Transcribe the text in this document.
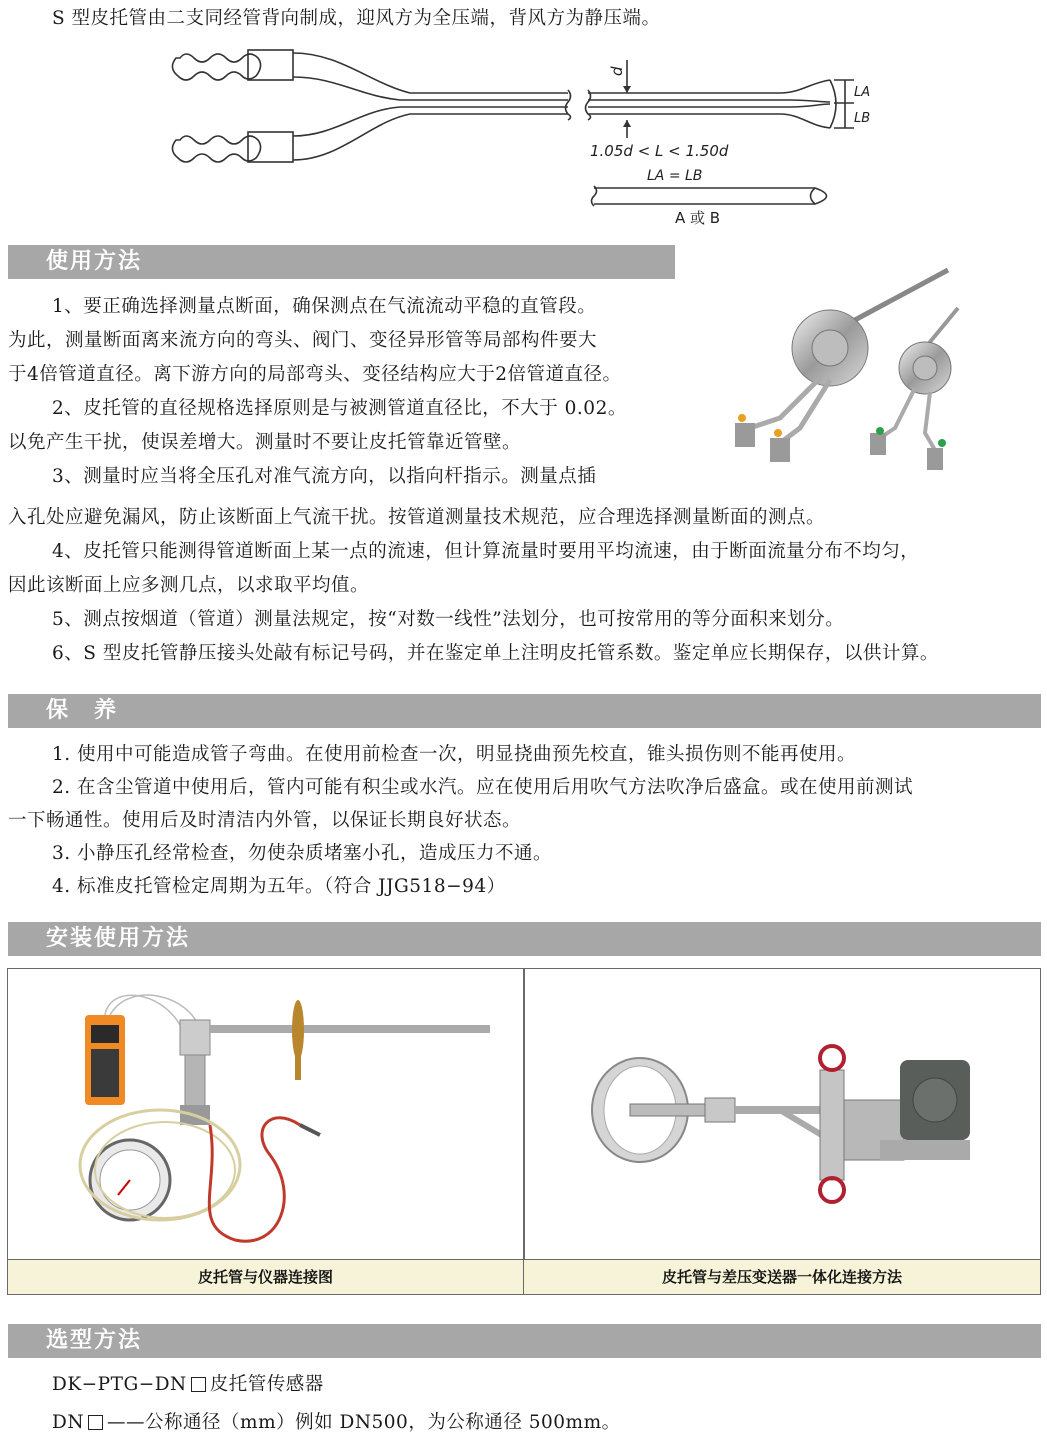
S 型皮托管由二支同经管背向制成，迎风方为全压端，背风方为静压端。
d
LA
LB
1.05d < L < 1.50d
LA = LB
A 或 B
使用方法
1、要正确选择测量点断面，确保测点在气流流动平稳的直管段。
为此，测量断面离来流方向的弯头、阀门、变径异形管等局部构件要大
于4倍管道直径。离下游方向的局部弯头、变径结构应大于2倍管道直径。
2、皮托管的直径规格选择原则是与被测管道直径比，不大于 0.02。
以免产生干扰，使误差增大。测量时不要让皮托管靠近管壁。
3、测量时应当将全压孔对准气流方向，以指向杆指示。测量点插
入孔处应避免漏风，防止该断面上气流干扰。按管道测量技术规范，应合理选择测量断面的测点。
4、皮托管只能测得管道断面上某一点的流速，但计算流量时要用平均流速，由于断面流量分布不均匀，
因此该断面上应多测几点，以求取平均值。
5、测点按烟道（管道）测量法规定，按“对数一线性”法划分，也可按常用的等分面积来划分。
6、S 型皮托管静压接头处敲有标记号码，并在鉴定单上注明皮托管系数。鉴定单应长期保存，以供计算。
保　养
1. 使用中可能造成管子弯曲。在使用前检查一次，明显挠曲预先校直，锥头损伤则不能再使用。
2. 在含尘管道中使用后，管内可能有积尘或水汽。应在使用后用吹气方法吹净后盛盒。或在使用前测试
一下畅通性。使用后及时清洁内外管，以保证长期良好状态。
3. 小静压孔经常检查，勿使杂质堵塞小孔，造成压力不通。
4. 标准皮托管检定周期为五年。（符合 JJG518−94）
安装使用方法
皮托管与仪器连接图	皮托管与差压变送器一体化连接方法
选型方法
DK−PTG−DN 皮托管传感器
DN ——公称通径（mm）例如 DN500，为公称通径 500mm。
